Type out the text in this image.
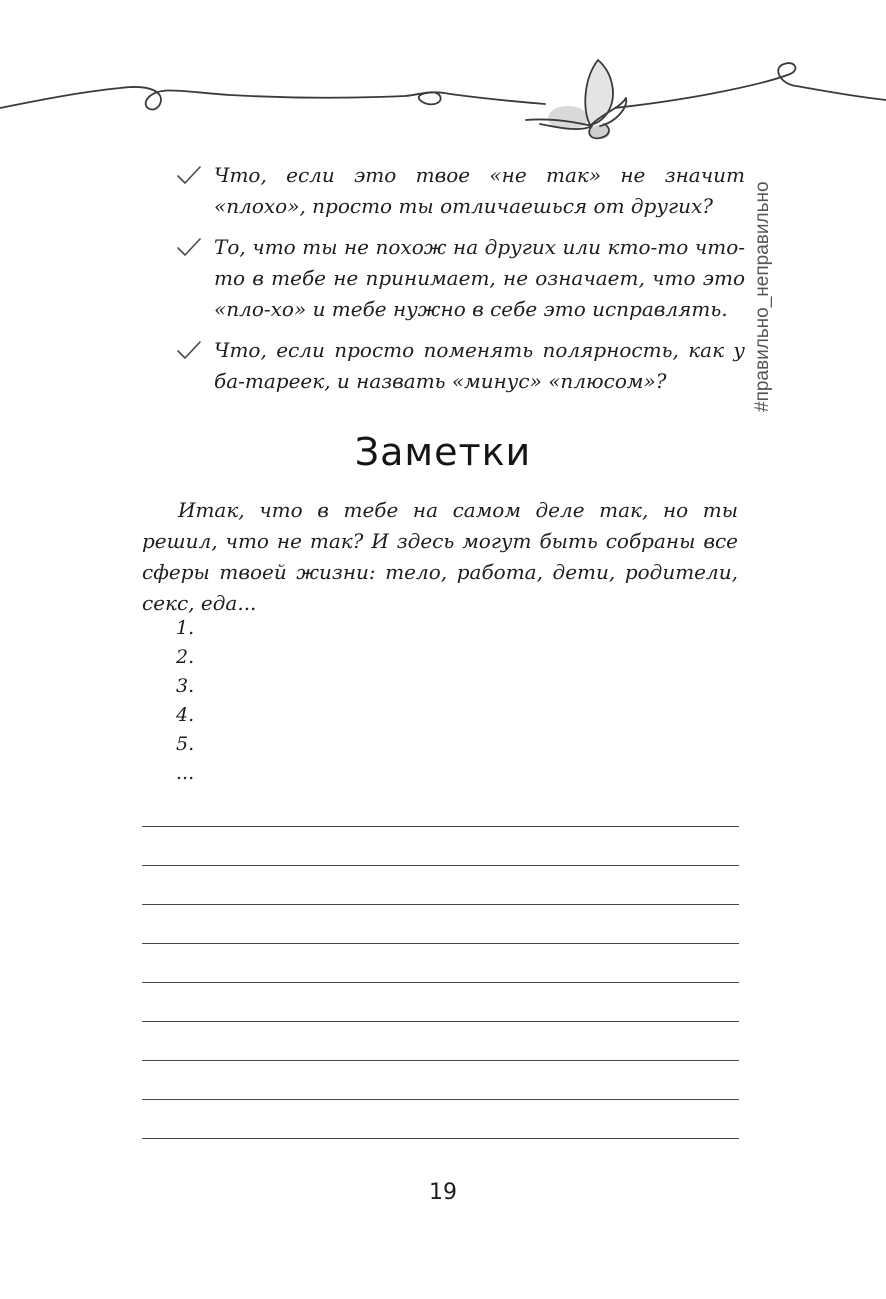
#правильно_неправильно
Что, если это твое «не так» не значит «плохо», просто ты отличаешься от других?
То, что ты не похож на других или кто-то что-то в тебе не принимает, не означает, что это «пло-хо» и тебе нужно в себе это исправлять.
Что, если просто поменять полярность, как у ба-тареек, и назвать «минус» «плюсом»?
Заметки

Итак, что в тебе на самом деле так, но ты решил, что не так? И здесь могут быть собраны все сферы твоей жизни: тело, работа, дети, родители, секс, еда...

1.
2.
3.
4.
5.
...
19
